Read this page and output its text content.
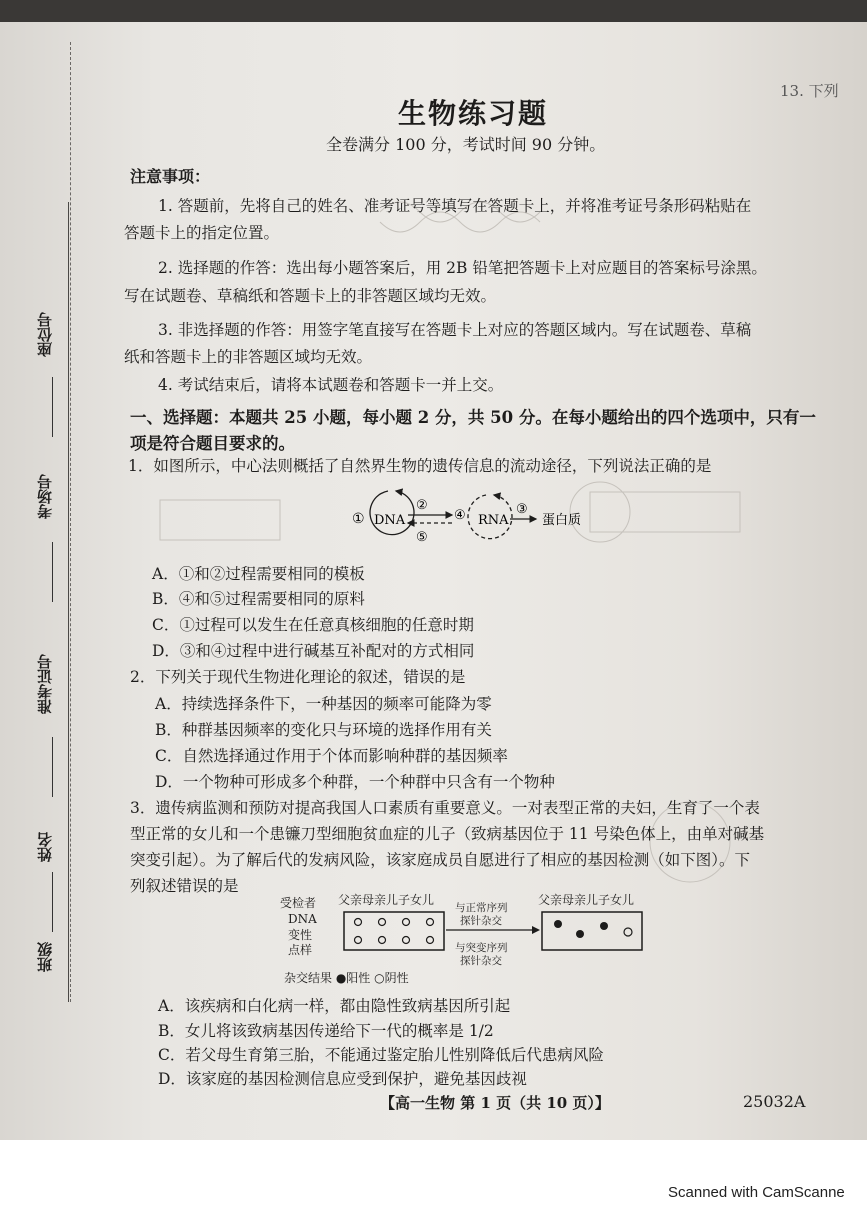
座位号
考场号
准考证号
姓名
班级
13. 下列
生物练习题
全卷满分 100 分，考试时间 90 分钟。
注意事项：
1. 答题前，先将自己的姓名、准考证号等填写在答题卡上，并将准考证号条形码粘贴在
答题卡上的指定位置。
2. 选择题的作答：选出每小题答案后，用 2B 铅笔把答题卡上对应题目的答案标号涂黑。
写在试题卷、草稿纸和答题卡上的非答题区域均无效。
3. 非选择题的作答：用签字笔直接写在答题卡上对应的答题区域内。写在试题卷、草稿
纸和答题卡上的非答题区域均无效。
4. 考试结束后，请将本试题卷和答题卡一并上交。
一、选择题：本题共 25 小题，每小题 2 分，共 50 分。在每小题给出的四个选项中，只有一
项是符合题目要求的。
1．如图所示，中心法则概括了自然界生物的遗传信息的流动途径，下列说法正确的是
① DNA
②
⑤
④ RNA
③
蛋白质
A．①和②过程需要相同的模板
B．④和⑤过程需要相同的原料
C．①过程可以发生在任意真核细胞的任意时期
D．③和④过程中进行碱基互补配对的方式相同
2．下列关于现代生物进化理论的叙述，错误的是
A．持续选择条件下，一种基因的频率可能降为零
B．种群基因频率的变化只与环境的选择作用有关
C．自然选择通过作用于个体而影响种群的基因频率
D．一个物种可形成多个种群，一个种群中只含有一个物种
3．遗传病监测和预防对提高我国人口素质有重要意义。一对表型正常的夫妇，生育了一个表
型正常的女儿和一个患镰刀型细胞贫血症的儿子（致病基因位于 11 号染色体上，由单对碱基
突变引起）。为了解后代的发病风险，该家庭成员自愿进行了相应的基因检测（如下图）。下
列叙述错误的是
受检者
DNA
变性
点样
父亲母亲儿子女儿	父亲母亲儿子女儿
与正常序列
探针杂交
与突变序列
探针杂交
杂交结果 ●阳性 ○阴性
A．该疾病和白化病一样，都由隐性致病基因所引起
B．女儿将该致病基因传递给下一代的概率是 1/2
C．若父母生育第三胎，不能通过鉴定胎儿性别降低后代患病风险
D．该家庭的基因检测信息应受到保护，避免基因歧视
【高一生物 第 1 页（共 10 页）】	25032A
Scanned with CamScanne
